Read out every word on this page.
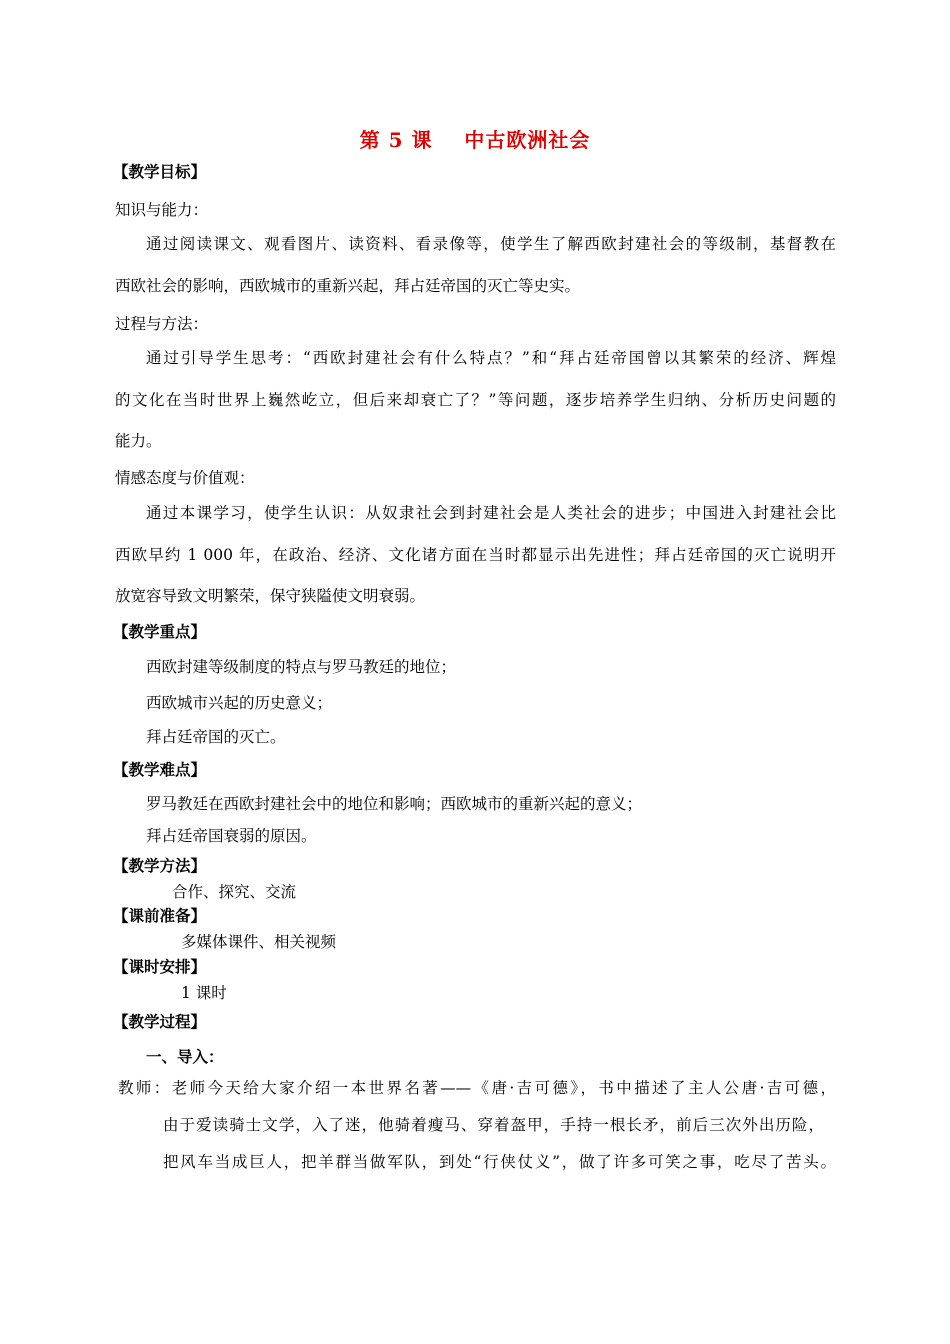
第 5 课    中古欧洲社会
【教学目标】
知识与能力：
通过阅读课文、观看图片、读资料、看录像等，使学生了解西欧封建社会的等级制，基督教在
西欧社会的影响，西欧城市的重新兴起，拜占廷帝国的灭亡等史实。
过程与方法：
通过引导学生思考：“西欧封建社会有什么特点？”和“拜占廷帝国曾以其繁荣的经济、辉煌
的文化在当时世界上巍然屹立，但后来却衰亡了？”等问题，逐步培养学生归纳、分析历史问题的
能力。
情感态度与价值观：
通过本课学习，使学生认识：从奴隶社会到封建社会是人类社会的进步；中国进入封建社会比
西欧早约 1 000 年，在政治、经济、文化诸方面在当时都显示出先进性；拜占廷帝国的灭亡说明开
放宽容导致文明繁荣，保守狭隘使文明衰弱。
【教学重点】
西欧封建等级制度的特点与罗马教廷的地位；
西欧城市兴起的历史意义；
拜占廷帝国的灭亡。
【教学难点】
罗马教廷在西欧封建社会中的地位和影响；西欧城市的重新兴起的意义；
拜占廷帝国衰弱的原因。
【教学方法】
合作、探究、交流
【课前准备】
多媒体课件、相关视频
【课时安排】
1 课时
【教学过程】
一、导入：
教师：老师今天给大家介绍一本世界名著——《唐·吉可德》，书中描述了主人公唐·吉可德，
由于爱读骑士文学，入了迷，他骑着瘦马、穿着盔甲，手持一根长矛，前后三次外出历险，
把风车当成巨人，把羊群当做军队，到处“行侠仗义”，做了许多可笑之事，吃尽了苦头。
